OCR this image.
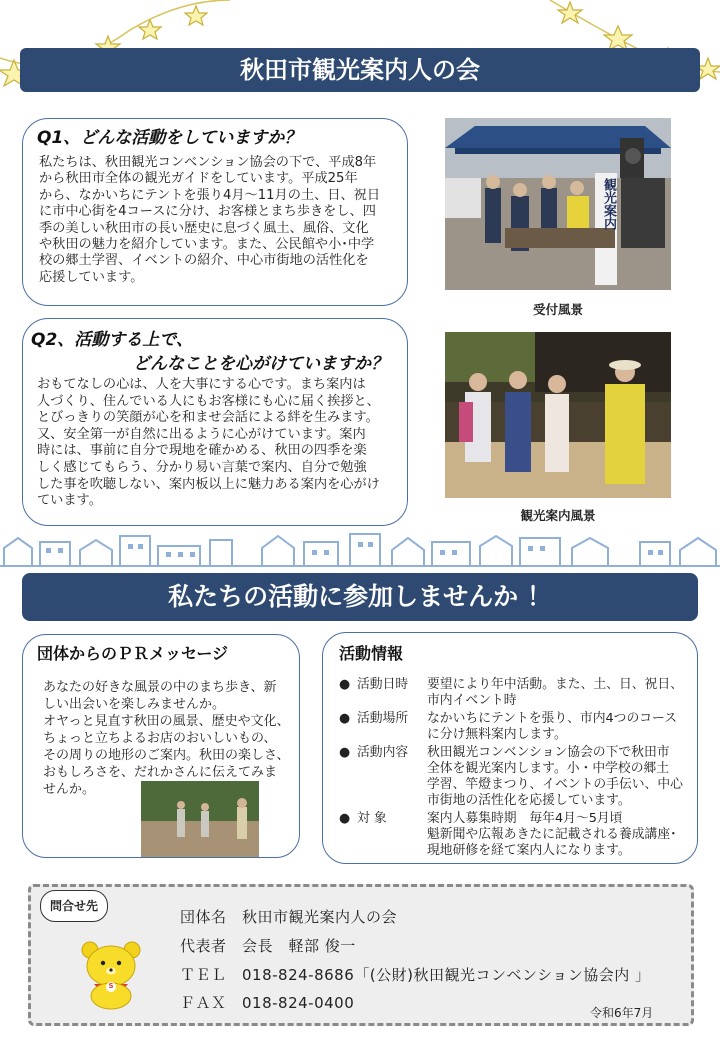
秋田市観光案内人の会
Q1、どんな活動をしていますか？
私たちは、秋田観光コンベンション協会の下で、平成8年
から秋田市全体の観光ガイドをしています。平成25年
から、なかいちにテントを張り4月～11月の土、日、祝日
に市中心街を4コースに分け、お客様とまち歩きをし、四
季の美しい秋田市の長い歴史に息づく風土、風俗、文化
や秋田の魅力を紹介しています。また、公民館や小･中学
校の郷土学習、イベントの紹介、中心市街地の活性化を
応援しています。
観光案内
受付風景
Q2、活動する上で、
どんなことを心がけていますか？
おもてなしの心は、人を大事にする心です。まち案内は
人づくり、住んでいる人にもお客様にも心に届く挨拶と、
とびっきりの笑顔が心を和ませ会話による絆を生みます。
又、安全第一が自然に出るように心がけています。案内
時には、事前に自分で現地を確かめる、秋田の四季を楽
しく感じてもらう、分かり易い言葉で案内、自分で勉強
した事を吹聴しない、案内板以上に魅力ある案内を心がけ
ています。
観光案内風景
私たちの活動に参加しませんか ！
団体からのＰＲメッセージ
あなたの好きな風景の中のまち歩き、新
しい出会いを楽しみませんか。
オヤっと見直す秋田の風景、歴史や文化、
ちょっと立ちよるお店のおいしいもの、
その周りの地形のご案内。秋田の楽しさ、
おもしろさを、だれかさんに伝えてみま
せんか。
活動情報
● 活動日時	要望により年中活動。また、土、日、祝日、
市内イベント時
● 活動場所	なかいちにテントを張り、市内4つのコース
に分け無料案内します。
● 活動内容	秋田観光コンベンション協会の下で秋田市
全体を観光案内します。小・中学校の郷土
学習、竿燈まつり、イベントの手伝い、中心
市街地の活性化を応援しています。
● 対 象	案内人募集時期　毎年4月～5月頃
魁新聞や広報あきたに記載される養成講座･
現地研修を経て案内人になります。
問合せ先
S
団体名　秋田市観光案内人の会
代表者　会長　軽部 俊一
ＴＥＬ　018-824-8686「(公財)秋田観光コンベンション協会内 」
ＦＡＸ　018-824-0400
令和6年7月
